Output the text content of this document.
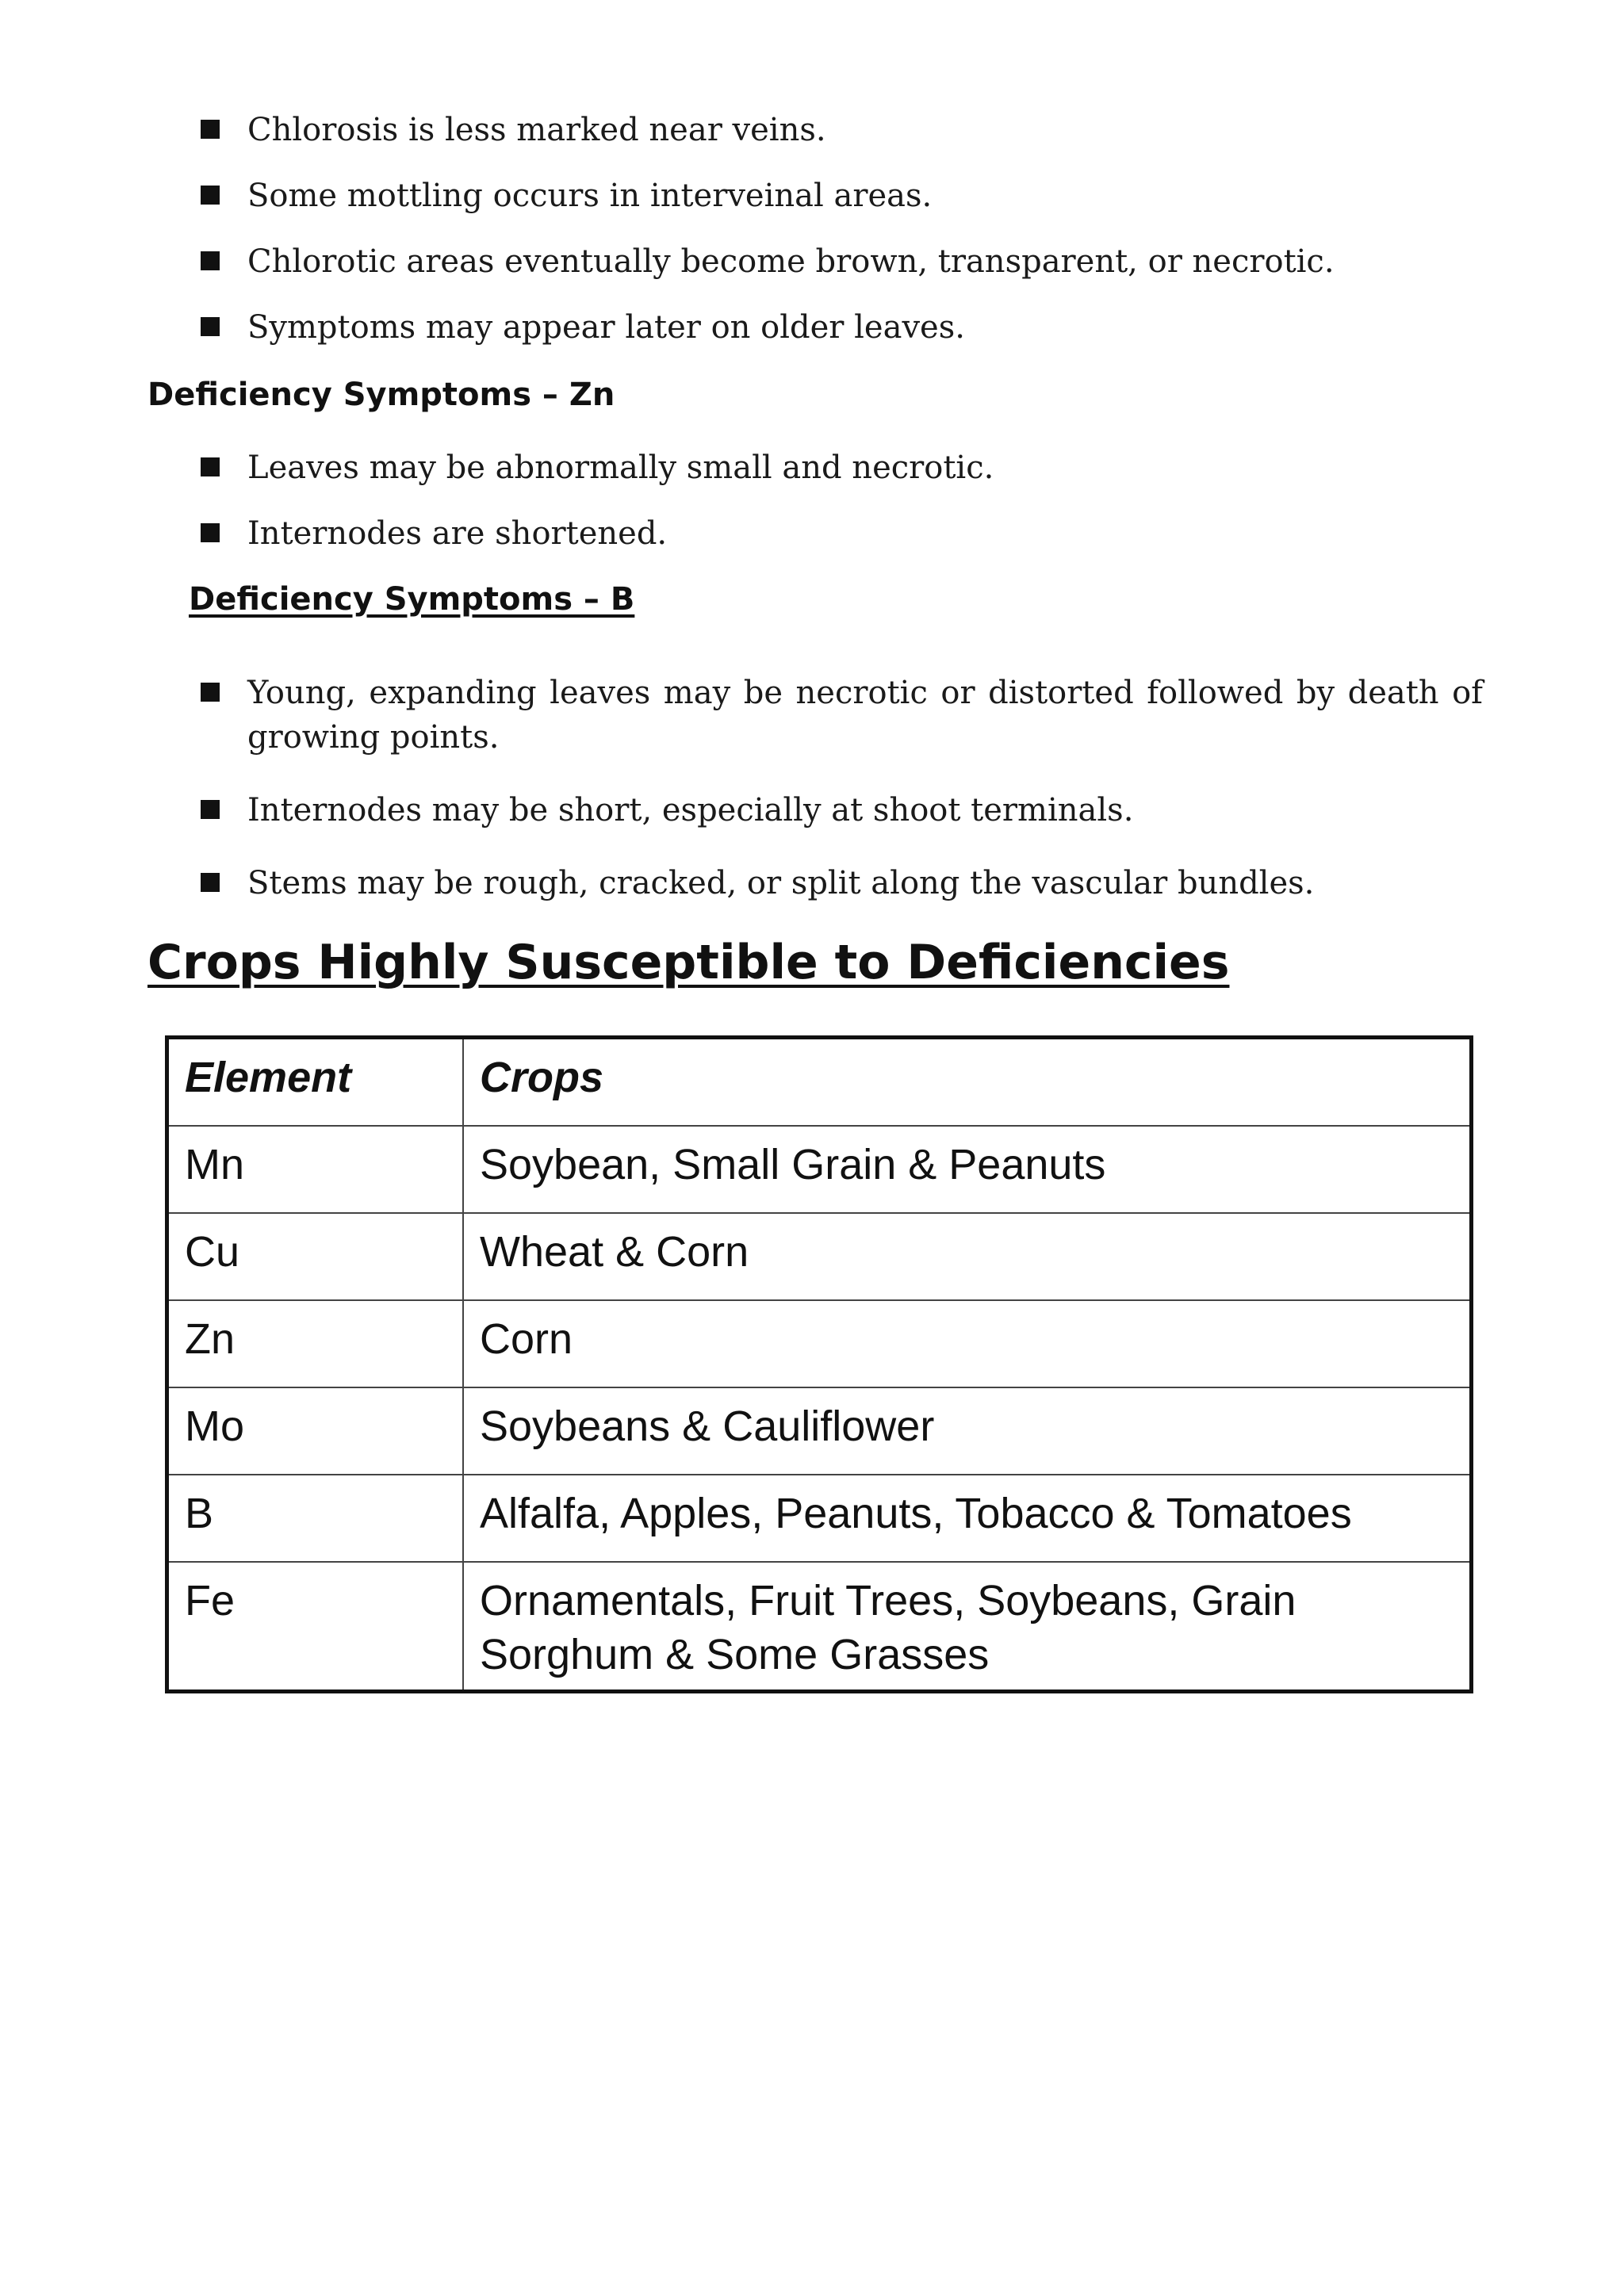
Chlorosis is less marked near veins.
Some mottling occurs in interveinal areas.
Chlorotic areas eventually become brown, transparent, or necrotic.
Symptoms may appear later on older leaves.
Deficiency Symptoms – Zn
Leaves may be abnormally small and necrotic.
Internodes are shortened.
Deficiency Symptoms – B
Young, expanding leaves may be necrotic or distorted followed by death of growing points.
Internodes may be short, especially at shoot terminals.
Stems may be rough, cracked, or split along the vascular bundles.
Crops Highly Susceptible to Deficiencies
Element	Crops
Mn	Soybean, Small Grain & Peanuts
Cu	Wheat & Corn
Zn	Corn
Mo	Soybeans & Cauliflower
B	Alfalfa, Apples, Peanuts, Tobacco & Tomatoes
Fe	Ornamentals, Fruit Trees, Soybeans, Grain Sorghum & Some Grasses
